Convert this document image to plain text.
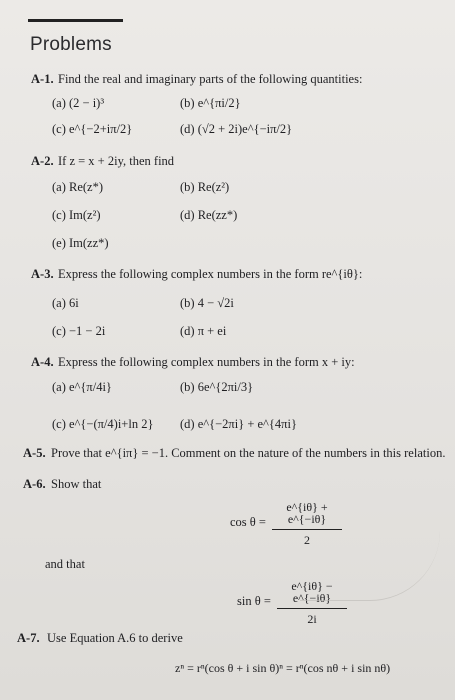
Problems
A-1. Find the real and imaginary parts of the following quantities:
(a) (2 − i)³	(b) e^{πi/2}
(c) e^{−2+iπ/2}	(d) (√2 + 2i)e^{−iπ/2}
A-2. If z = x + 2iy, then find
(a) Re(z*)	(b) Re(z²)
(c) Im(z²)	(d) Re(zz*)
(e) Im(zz*)
A-3. Express the following complex numbers in the form re^{iθ}:
(a) 6i	(b) 4 − √2i
(c) −1 − 2i	(d) π + ei
A-4. Express the following complex numbers in the form x + iy:
(a) e^{π/4i}	(b) 6e^{2πi/3}
(c) e^{−(π/4)i+ln 2} (d) e^{−2πi} + e^{4πi}
A-5. Prove that e^{iπ} = −1. Comment on the nature of the numbers in this relation.
A-6. Show that
cos θ =
e^{iθ} + e^{−iθ}
2
and that
sin θ =
e^{iθ} − e^{−iθ}
2i
A-7. Use Equation A.6 to derive
zⁿ = rⁿ(cos θ + i sin θ)ⁿ = rⁿ(cos nθ + i sin nθ)
